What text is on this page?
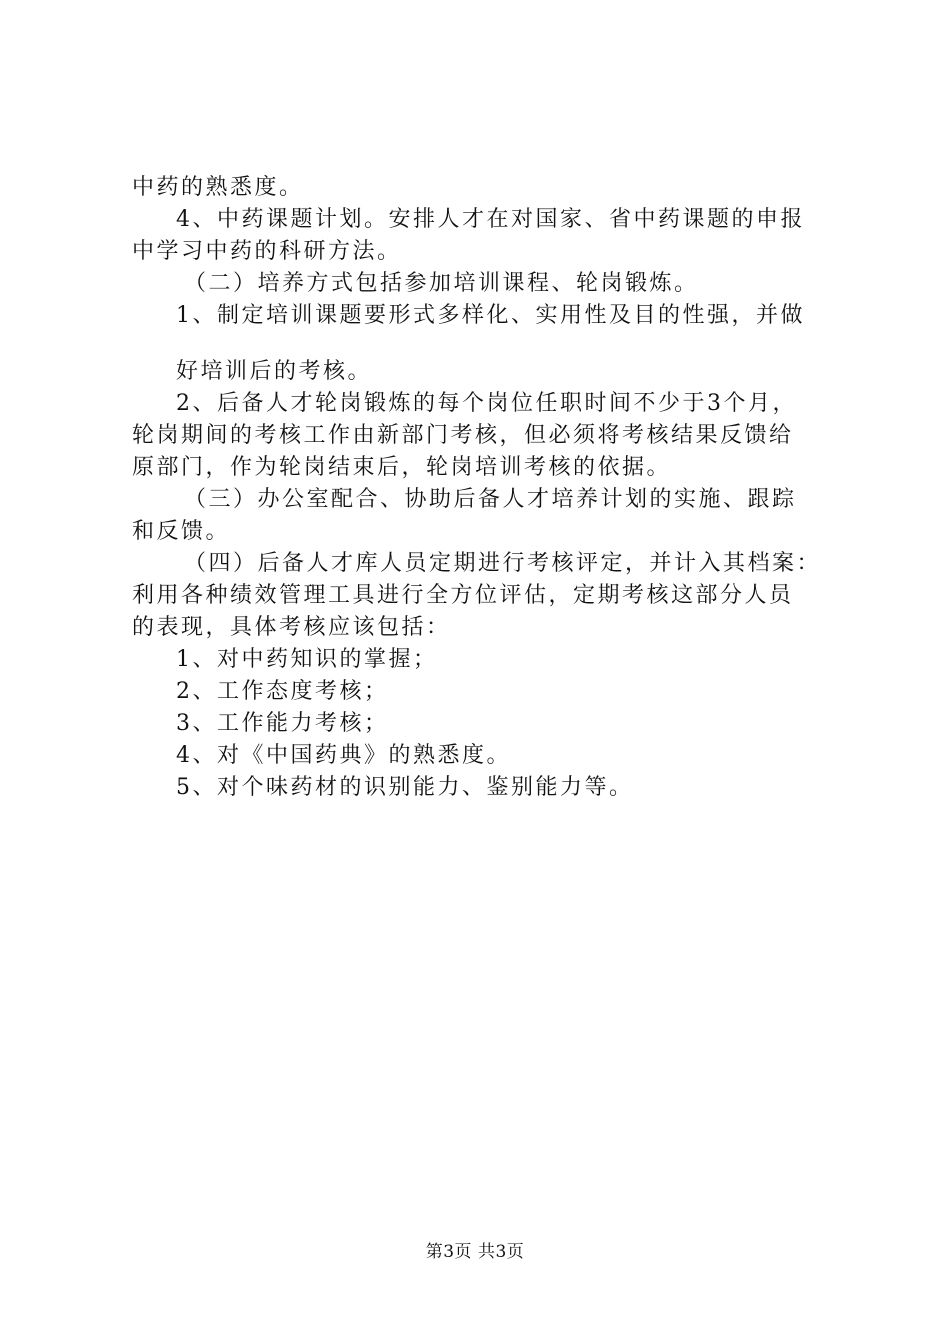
中药的熟悉度。
4、中药课题计划。安排人才在对国家、省中药课题的申报
中学习中药的科研方法。
（二）培养方式包括参加培训课程、轮岗锻炼。
1、制定培训课题要形式多样化、实用性及目的性强，并做
好培训后的考核。
2、后备人才轮岗锻炼的每个岗位任职时间不少于3个月，
轮岗期间的考核工作由新部门考核，但必须将考核结果反馈给
原部门，作为轮岗结束后，轮岗培训考核的依据。
（三）办公室配合、协助后备人才培养计划的实施、跟踪
和反馈。
（四）后备人才库人员定期进行考核评定，并计入其档案：
利用各种绩效管理工具进行全方位评估，定期考核这部分人员
的表现，具体考核应该包括：
1、对中药知识的掌握；
2、工作态度考核；
3、工作能力考核；
4、对《中国药典》的熟悉度。
5、对个味药材的识别能力、鉴别能力等。
第3页 共3页
